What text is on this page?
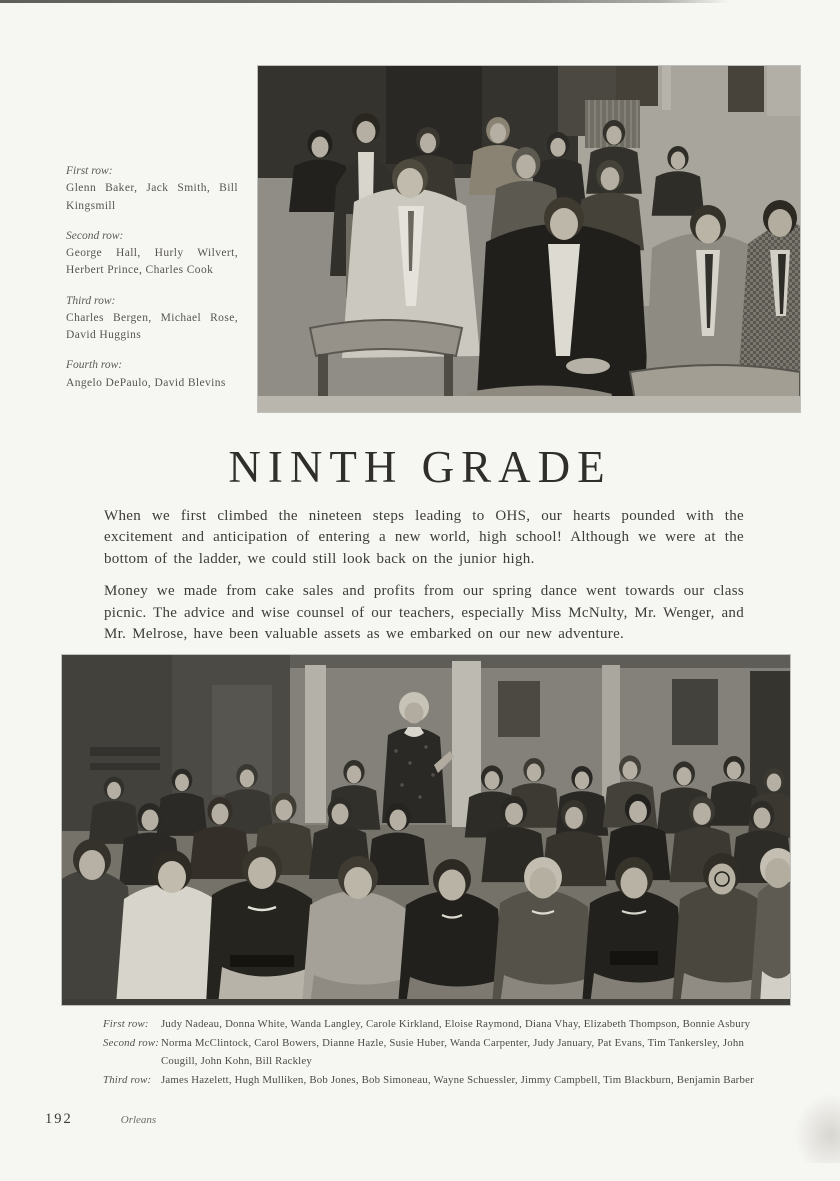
First row:
Glenn Baker, Jack Smith, Bill Kingsmill
Second row:
George Hall, Hurly Wilvert, Herbert Prince, Charles Cook
Third row:
Charles Bergen, Michael Rose, David Huggins
Fourth row:
Angelo DePaulo, David Blevins
NINTH GRADE

When we first climbed the nineteen steps leading to OHS, our hearts pounded with the excitement and anticipation of entering a new world, high school! Although we were at the bottom of the ladder, we could still look back on the junior high.

Money we made from cake sales and profits from our spring dance went towards our class picnic. The advice and wise counsel of our teachers, especially Miss McNulty, Mr. Wenger, and Mr. Melrose, have been valuable assets as we embarked on our new adventure.

First row: Judy Nadeau, Donna White, Wanda Langley, Carole Kirkland, Eloise Raymond, Diana Vhay, Elizabeth Thompson, Bonnie Asbury
Second row: Norma McClintock, Carol Bowers, Dianne Hazle, Susie Huber, Wanda Carpenter, Judy January, Pat Evans, Tim Tankersley, John Cougill, John Kohn, Bill Rackley
Third row: James Hazelett, Hugh Mulliken, Bob Jones, Bob Simoneau, Wayne Schuessler, Jimmy Campbell, Tim Blackburn, Benjamin Barber
192	Orleans
